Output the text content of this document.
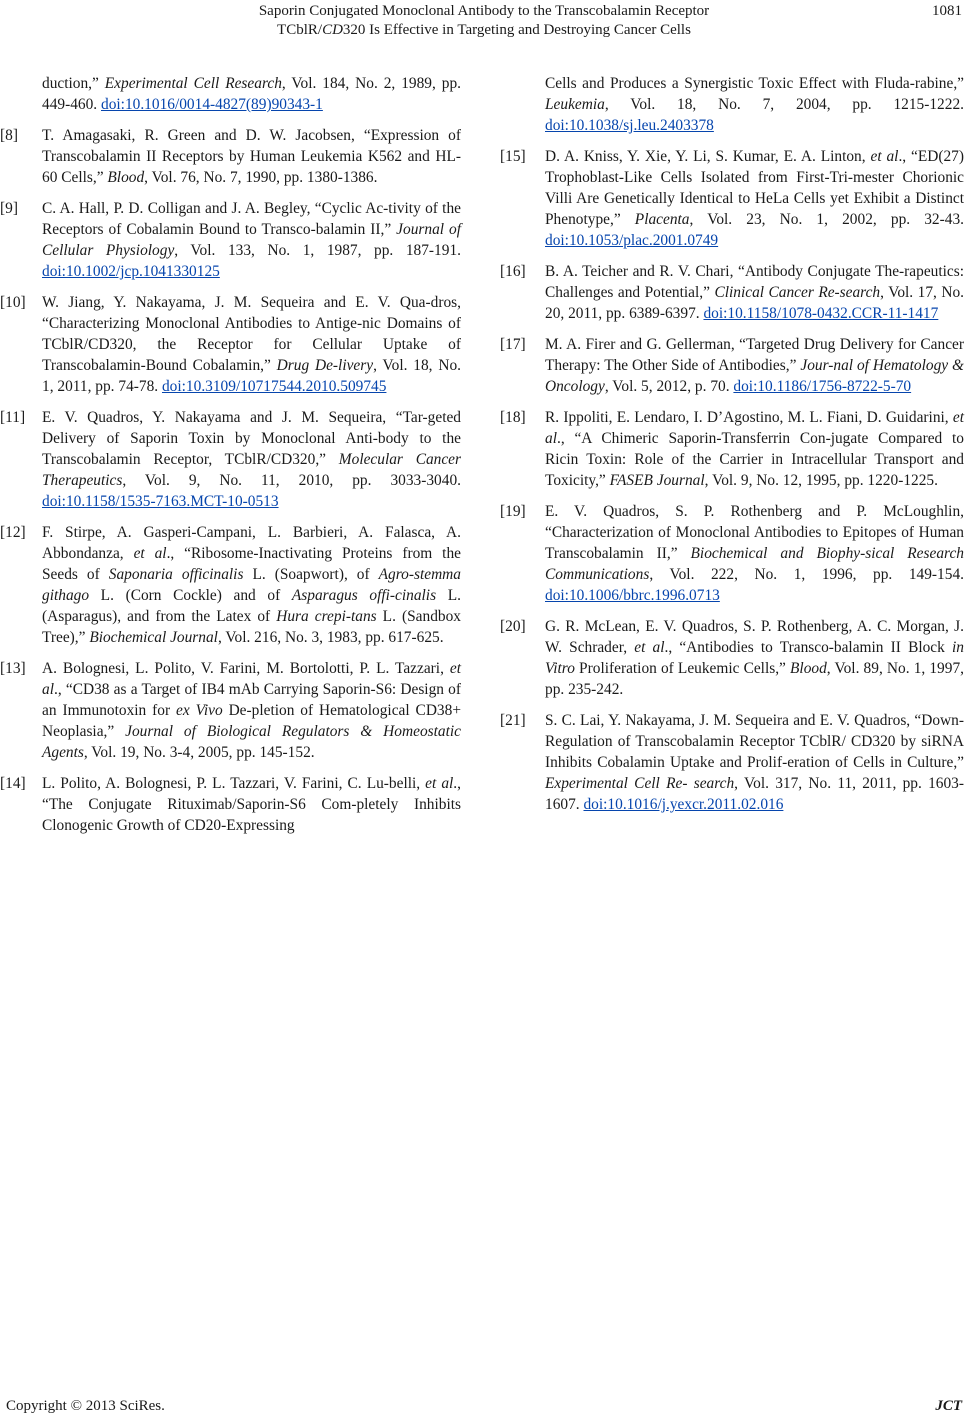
Saporin Conjugated Monoclonal Antibody to the Transcobalamin Receptor
TCblR/CD320 Is Effective in Targeting and Destroying Cancer Cells
1081

duction,” Experimental Cell Research, Vol. 184, No. 2, 1989, pp. 449-460. doi:10.1016/0014-4827(89)90343-1

[8]	T. Amagasaki, R. Green and D. W. Jacobsen, “Expression of Transcobalamin II Receptors by Human Leukemia K562 and HL-60 Cells,” Blood, Vol. 76, No. 7, 1990, pp. 1380-1386.

[9]	C. A. Hall, P. D. Colligan and J. A. Begley, “Cyclic Ac-tivity of the Receptors of Cobalamin Bound to Transco-balamin II,” Journal of Cellular Physiology, Vol. 133, No. 1, 1987, pp. 187-191. doi:10.1002/jcp.1041330125

[10]	W. Jiang, Y. Nakayama, J. M. Sequeira and E. V. Qua-dros, “Characterizing Monoclonal Antibodies to Antige-nic Domains of TCblR/CD320, the Receptor for Cellular Uptake of Transcobalamin-Bound Cobalamin,” Drug De-livery, Vol. 18, No. 1, 2011, pp. 74-78. doi:10.3109/10717544.2010.509745

[11]	E. V. Quadros, Y. Nakayama and J. M. Sequeira, “Tar-geted Delivery of Saporin Toxin by Monoclonal Anti-body to the Transcobalamin Receptor, TCblR/CD320,” Molecular Cancer Therapeutics, Vol. 9, No. 11, 2010, pp. 3033-3040. doi:10.1158/1535-7163.MCT-10-0513

[12]	F. Stirpe, A. Gasperi-Campani, L. Barbieri, A. Falasca, A. Abbondanza, et al., “Ribosome-Inactivating Proteins from the Seeds of Saponaria officinalis L. (Soapwort), of Agro-stemma githago L. (Corn Cockle) and of Asparagus offi-cinalis L. (Asparagus), and from the Latex of Hura crepi-tans L. (Sandbox Tree),” Biochemical Journal, Vol. 216, No. 3, 1983, pp. 617-625.

[13]	A. Bolognesi, L. Polito, V. Farini, M. Bortolotti, P. L. Tazzari, et al., “CD38 as a Target of IB4 mAb Carrying Saporin-S6: Design of an Immunotoxin for ex Vivo De-pletion of Hematological CD38+ Neoplasia,” Journal of Biological Regulators & Homeostatic Agents, Vol. 19, No. 3-4, 2005, pp. 145-152.

[14]	L. Polito, A. Bolognesi, P. L. Tazzari, V. Farini, C. Lu-belli, et al., “The Conjugate Rituximab/Saporin-S6 Com-pletely Inhibits Clonogenic Growth of CD20-Expressing

Cells and Produces a Synergistic Toxic Effect with Fluda-rabine,” Leukemia, Vol. 18, No. 7, 2004, pp. 1215-1222. doi:10.1038/sj.leu.2403378

[15]	D. A. Kniss, Y. Xie, Y. Li, S. Kumar, E. A. Linton, et al., “ED(27) Trophoblast-Like Cells Isolated from First-Tri-mester Chorionic Villi Are Genetically Identical to HeLa Cells yet Exhibit a Distinct Phenotype,” Placenta, Vol. 23, No. 1, 2002, pp. 32-43. doi:10.1053/plac.2001.0749

[16]	B. A. Teicher and R. V. Chari, “Antibody Conjugate The-rapeutics: Challenges and Potential,” Clinical Cancer Re-search, Vol. 17, No. 20, 2011, pp. 6389-6397. doi:10.1158/1078-0432.CCR-11-1417

[17]	M. A. Firer and G. Gellerman, “Targeted Drug Delivery for Cancer Therapy: The Other Side of Antibodies,” Jour-nal of Hematology & Oncology, Vol. 5, 2012, p. 70. doi:10.1186/1756-8722-5-70

[18]	R. Ippoliti, E. Lendaro, I. D’Agostino, M. L. Fiani, D. Guidarini, et al., “A Chimeric Saporin-Transferrin Con-jugate Compared to Ricin Toxin: Role of the Carrier in Intracellular Transport and Toxicity,” FASEB Journal, Vol. 9, No. 12, 1995, pp. 1220-1225.

[19]	E. V. Quadros, S. P. Rothenberg and P. McLoughlin, “Characterization of Monoclonal Antibodies to Epitopes of Human Transcobalamin II,” Biochemical and Biophy-sical Research Communications, Vol. 222, No. 1, 1996, pp. 149-154. doi:10.1006/bbrc.1996.0713

[20]	G. R. McLean, E. V. Quadros, S. P. Rothenberg, A. C. Morgan, J. W. Schrader, et al., “Antibodies to Transco-balamin II Block in Vitro Proliferation of Leukemic Cells,” Blood, Vol. 89, No. 1, 1997, pp. 235-242.

[21]	S. C. Lai, Y. Nakayama, J. M. Sequeira and E. V. Quadros, “Down-Regulation of Transcobalamin Receptor TCblR/ CD320 by siRNA Inhibits Cobalamin Uptake and Prolif-eration of Cells in Culture,” Experimental Cell Re- search, Vol. 317, No. 11, 2011, pp. 1603-1607. doi:10.1016/j.yexcr.2011.02.016

Copyright © 2013 SciRes.	JCT
